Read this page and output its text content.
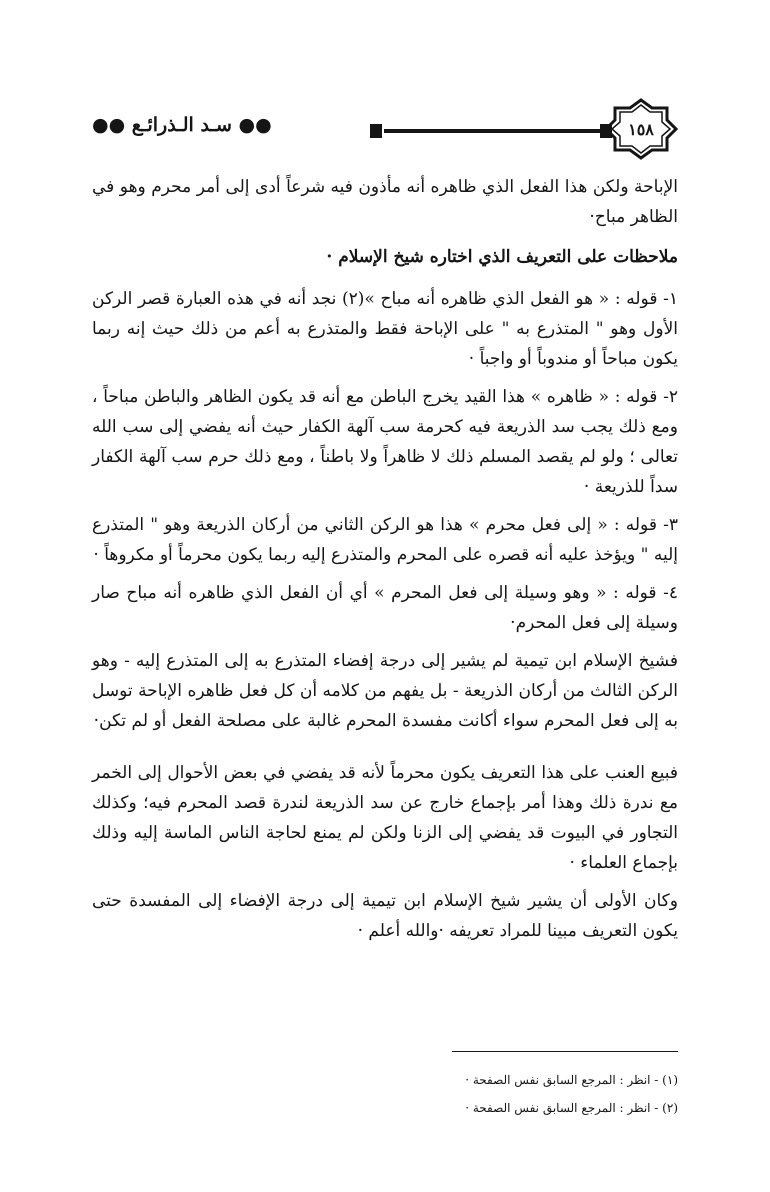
●● سـد الـذرائـع ●●	١٥٨

الإباحة ولكن هذا الفعل الذي ظاهره أنه مأذون فيه شرعاً أدى إلى أمر محرم وهو في الظاهر مباح·

ملاحظات على التعريف الذي اختاره شيخ الإسلام ·

١- قوله : « هو الفعل الذي ظاهره أنه مباح »(٢) نجد أنه في هذه العبارة قصر الركن الأول وهو " المتذرع به " على الإباحة فقط والمتذرع به أعم من ذلك حيث إنه ربما يكون مباحاً أو مندوباً أو واجباً ·

٢- قوله : « ظاهره » هذا القيد يخرج الباطن مع أنه قد يكون الظاهر والباطن مباحاً ، ومع ذلك يجب سد الذريعة فيه كحرمة سب آلهة الكفار حيث أنه يفضي إلى سب الله تعالى ؛ ولو لم يقصد المسلم ذلك لا ظاهراً ولا باطناً ، ومع ذلك حرم سب آلهة الكفار سداً للذريعة ·

٣- قوله : « إلى فعل محرم » هذا هو الركن الثاني من أركان الذريعة وهو " المتذرع إليه " ويؤخذ عليه أنه قصره على المحرم والمتذرع إليه ربما يكون محرماً أو مكروهاً ·

٤- قوله : « وهو وسيلة إلى فعل المحرم » أي أن الفعل الذي ظاهره أنه مباح صار وسيلة إلى فعل المحرم·

فشيخ الإسلام ابن تيمية لم يشير إلى درجة إفضاء المتذرع به إلى المتذرع إليه - وهو الركن الثالث من أركان الذريعة - بل يفهم من كلامه أن كل فعل ظاهره الإباحة توسل به إلى فعل المحرم سواء أكانت مفسدة المحرم غالبة على مصلحة الفعل أو لم تكن·

فبيع العنب على هذا التعريف يكون محرماً لأنه قد يفضي في بعض الأحوال إلى الخمر مع ندرة ذلك وهذا أمر بإجماع خارج عن سد الذريعة لندرة قصد المحرم فيه؛ وكذلك التجاور في البيوت قد يفضي إلى الزنا ولكن لم يمنع لحاجة الناس الماسة إليه وذلك بإجماع العلماء ·

وكان الأولى أن يشير شيخ الإسلام ابن تيمية إلى درجة الإفضاء إلى المفسدة حتى يكون التعريف مبينا للمراد تعريفه ·والله أعلم ·

(١) - انظر : المرجع السابق نفس الصفحة ·
(٢) - انظر : المرجع السابق نفس الصفحة ·
